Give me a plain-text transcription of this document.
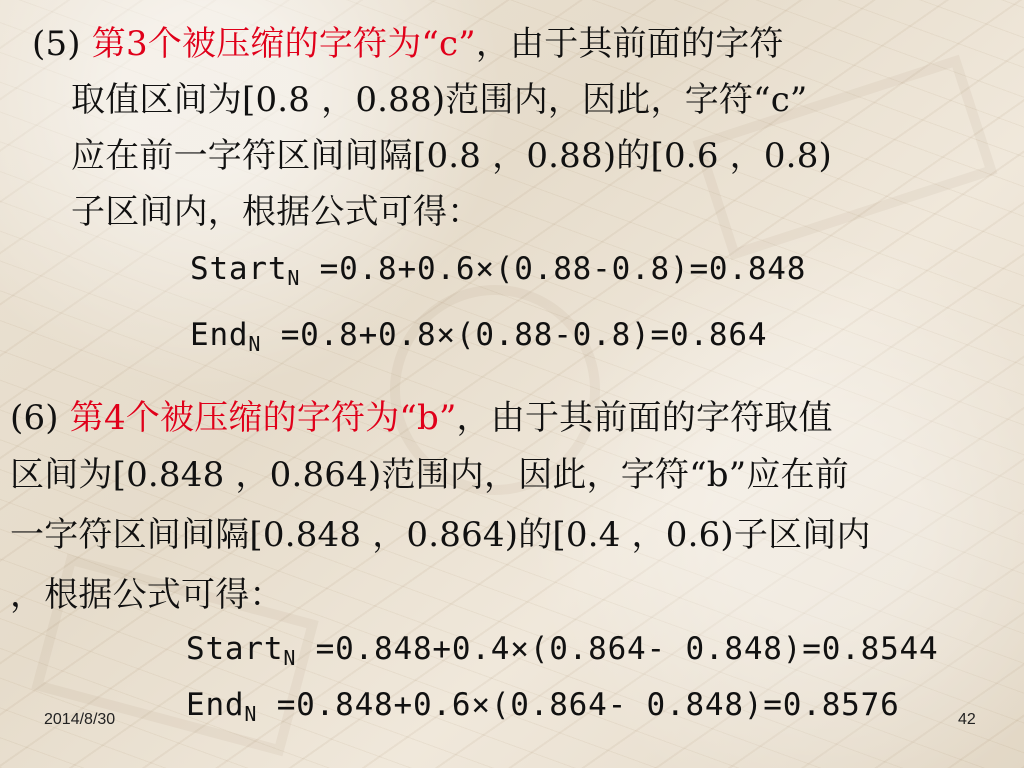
(5) 第3个被压缩的字符为“c”，由于其前面的字符

取值区间为[0.8 ，0.88)范围内，因此，字符“c”

应在前一字符区间间隔[0.8 ，0.88)的[0.6 ，0.8)

子区间内，根据公式可得：

Start$_N$ =0.8+0.6×(0.88-0.8)=0.848

End$_N$ =0.8+0.8×(0.88-0.8)=0.864

(6) 第4个被压缩的字符为“b”，由于其前面的字符取值

区间为[0.848 ，0.864)范围内，因此，字符“b”应在前

一字符区间间隔[0.848 ，0.864)的[0.4 ，0.6)子区间内

，根据公式可得：

Start$_N$ =0.848+0.4×(0.864- 0.848)=0.8544

End$_N$ =0.848+0.6×(0.864- 0.848)=0.8576

2014/8/30	42
